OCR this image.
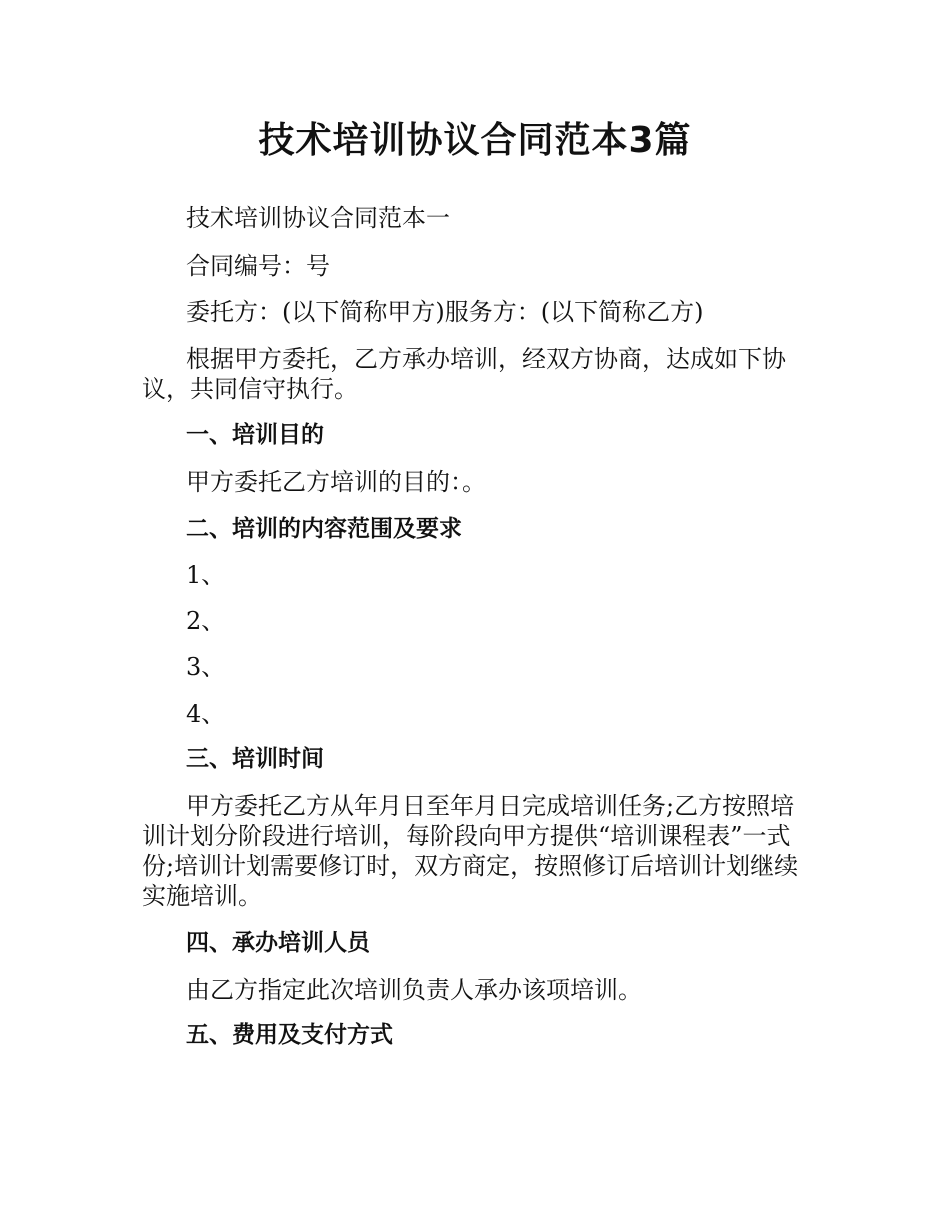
技术培训协议合同范本3篇

技术培训协议合同范本一

合同编号：号

委托方：(以下简称甲方)服务方：(以下简称乙方)

根据甲方委托，乙方承办培训，经双方协商，达成如下协议，共同信守执行。

一、培训目的

甲方委托乙方培训的目的：。

二、培训的内容范围及要求

1、

2、

3、

4、

三、培训时间

甲方委托乙方从年月日至年月日完成培训任务;乙方按照培训计划分阶段进行培训，每阶段向甲方提供“培训课程表”一式份;培训计划需要修订时，双方商定，按照修订后培训计划继续实施培训。

四、承办培训人员

由乙方指定此次培训负责人承办该项培训。

五、费用及支付方式
